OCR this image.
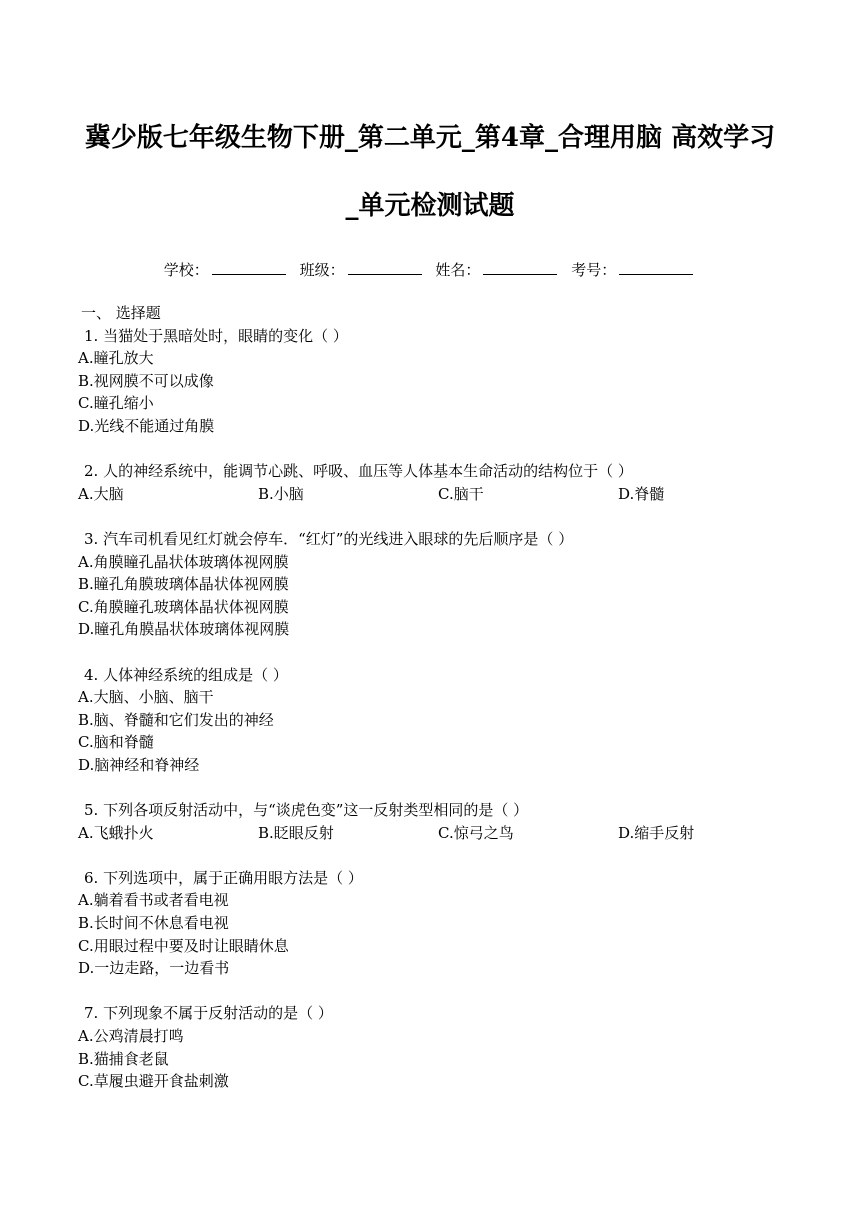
冀少版七年级生物下册_第二单元_第4章_合理用脑 高效学习
_单元检测试题
学校：	班级：	姓名：	考号：
一、 选择题
1. 当猫处于黑暗处时，眼睛的变化（ ）
A.瞳孔放大
B.视网膜不可以成像
C.瞳孔缩小
D.光线不能通过角膜
2. 人的神经系统中，能调节心跳、呼吸、血压等人体基本生命活动的结构位于（ ）
A.大脑	B.小脑	C.脑干	D.脊髓
3. 汽车司机看见红灯就会停车．“红灯”的光线进入眼球的先后顺序是（ ）
A.角膜瞳孔晶状体玻璃体视网膜
B.瞳孔角膜玻璃体晶状体视网膜
C.角膜瞳孔玻璃体晶状体视网膜
D.瞳孔角膜晶状体玻璃体视网膜
4. 人体神经系统的组成是（ ）
A.大脑、小脑、脑干
B.脑、脊髓和它们发出的神经
C.脑和脊髓
D.脑神经和脊神经
5. 下列各项反射活动中，与“谈虎色变”这一反射类型相同的是（ ）
A.飞蛾扑火	B.眨眼反射	C.惊弓之鸟	D.缩手反射
6. 下列选项中，属于正确用眼方法是（ ）
A.躺着看书或者看电视
B.长时间不休息看电视
C.用眼过程中要及时让眼睛休息
D.一边走路，一边看书
7. 下列现象不属于反射活动的是（ ）
A.公鸡清晨打鸣
B.猫捕食老鼠
C.草履虫避开食盐刺激
